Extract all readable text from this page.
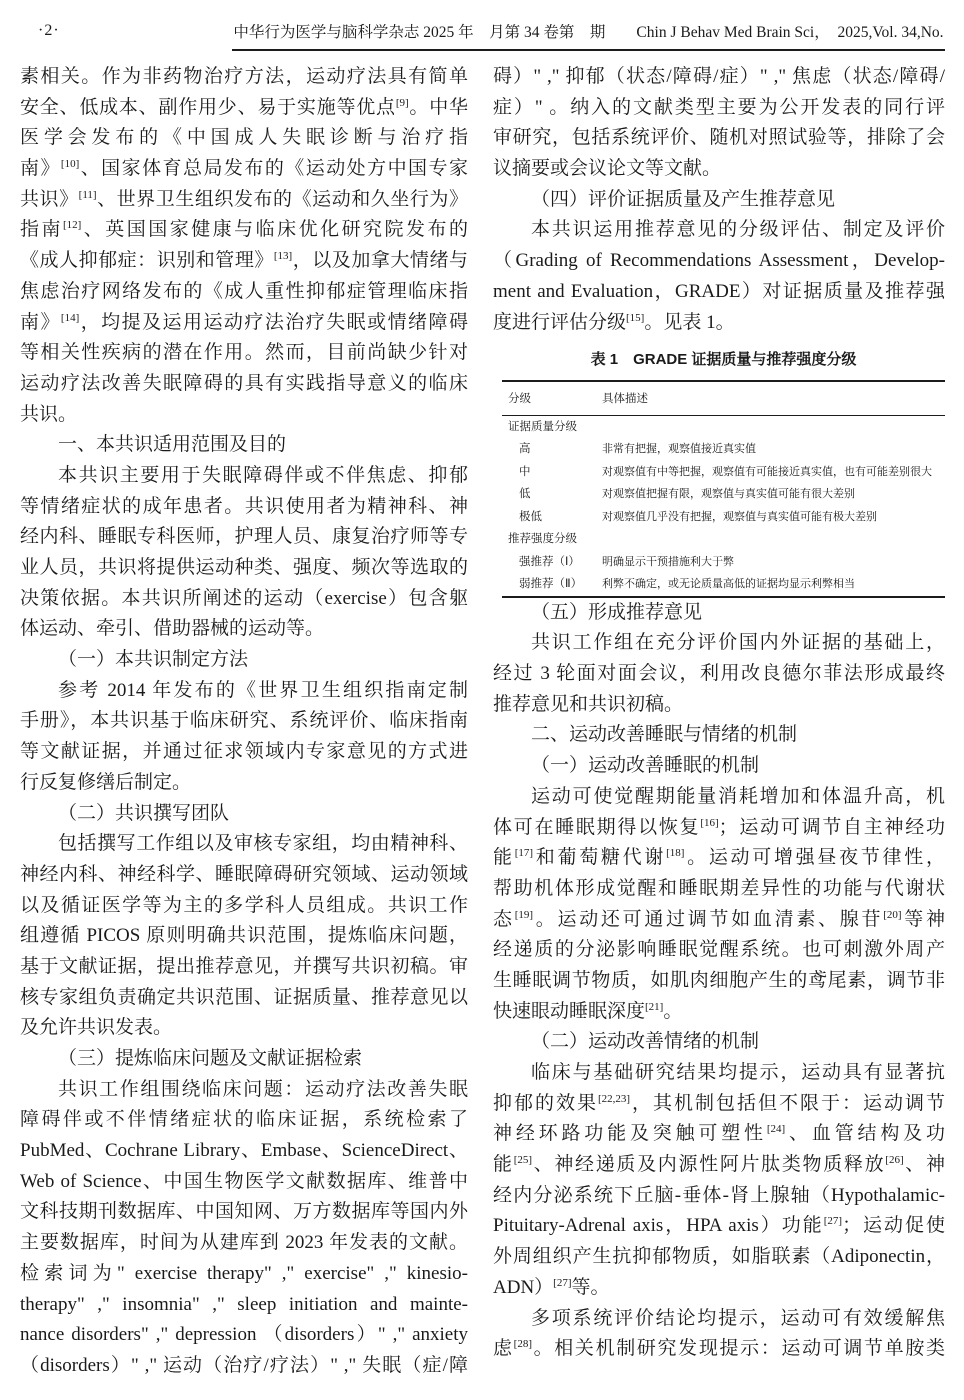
·2·	中华行为医学与脑科学杂志 2025 年　月第 34 卷第　期　　Chin J Behav Med Brain Sci，　2025,Vol. 34,No.
素相关。作为非药物治疗方法，运动疗法具有简单
安全、低成本、副作用少、易于实施等优点[9]。中华
医学会发布的《中国成人失眠诊断与治疗指
南》[10]、国家体育总局发布的《运动处方中国专家
共识》[11]、世界卫生组织发布的《运动和久坐行为》
指南[12]、英国国家健康与临床优化研究院发布的
《成人抑郁症：识别和管理》[13]，以及加拿大情绪与
焦虑治疗网络发布的《成人重性抑郁症管理临床指
南》[14]，均提及运用运动疗法治疗失眠或情绪障碍
等相关性疾病的潜在作用。然而，目前尚缺少针对
运动疗法改善失眠障碍的具有实践指导意义的临床
共识。
一、本共识适用范围及目的
本共识主要用于失眠障碍伴或不伴焦虑、抑郁
等情绪症状的成年患者。共识使用者为精神科、神
经内科、睡眠专科医师，护理人员、康复治疗师等专
业人员，共识将提供运动种类、强度、频次等选取的
决策依据。本共识所阐述的运动（exercise）包含躯
体运动、牵引、借助器械的运动等。
（一）本共识制定方法
参考 2014 年发布的《世界卫生组织指南定制
手册》，本共识基于临床研究、系统评价、临床指南
等文献证据，并通过征求领域内专家意见的方式进
行反复修缮后制定。
（二）共识撰写团队
包括撰写工作组以及审核专家组，均由精神科、
神经内科、神经科学、睡眠障碍研究领域、运动领域
以及循证医学等为主的多学科人员组成。共识工作
组遵循 PICOS 原则明确共识范围，提炼临床问题，
基于文献证据，提出推荐意见，并撰写共识初稿。审
核专家组负责确定共识范围、证据质量、推荐意见以
及允许共识发表。
（三）提炼临床问题及文献证据检索
共识工作组围绕临床问题：运动疗法改善失眠
障碍伴或不伴情绪症状的临床证据，系统检索了
PubMed、Cochrane Library、Embase、ScienceDirect、
Web of Science、中国生物医学文献数据库、维普中
文科技期刊数据库、中国知网、万方数据库等国内外
主要数据库，时间为从建库到 2023 年发表的文献。
检索词为" exercise therapy" ," exercise" ," kinesio-
therapy" ," insomnia" ," sleep initiation and mainte-
nance disorders" ," depression （disorders）" ," anxiety
（disorders）" ," 运动（治疗/疗法）" ," 失眠（症/障
碍）" ," 抑郁（状态/障碍/症）" ," 焦虑（状态/障碍/
症）" 。纳入的文献类型主要为公开发表的同行评
审研究，包括系统评价、随机对照试验等，排除了会
议摘要或会议论文等文献。
（四）评价证据质量及产生推荐意见
本共识运用推荐意见的分级评估、制定及评价
（Grading of Recommendations Assessment，Develop-
ment and Evaluation，GRADE）对证据质量及推荐强
度进行评估分级[15]。见表 1。
表 1　GRADE 证据质量与推荐强度分级
分级	具体描述
证据质量分级	
高	非常有把握，观察值接近真实值
中	对观察值有中等把握，观察值有可能接近真实值，也有可能差别很大
低	对观察值把握有限，观察值与真实值可能有很大差别
极低	对观察值几乎没有把握，观察值与真实值可能有极大差别
推荐强度分级	
强推荐（Ⅰ）	明确显示干预措施利大于弊
弱推荐（Ⅱ）	利弊不确定，或无论质量高低的证据均显示利弊相当
（五）形成推荐意见
共识工作组在充分评价国内外证据的基础上，
经过 3 轮面对面会议，利用改良德尔菲法形成最终
推荐意见和共识初稿。
二、运动改善睡眠与情绪的机制
（一）运动改善睡眠的机制
运动可使觉醒期能量消耗增加和体温升高，机
体可在睡眠期得以恢复[16]；运动可调节自主神经功
能[17]和葡萄糖代谢[18]。运动可增强昼夜节律性，
帮助机体形成觉醒和睡眠期差异性的功能与代谢状
态[19]。运动还可通过调节如血清素、腺苷[20]等神
经递质的分泌影响睡眠觉醒系统。也可刺激外周产
生睡眠调节物质，如肌肉细胞产生的鸢尾素，调节非
快速眼动睡眠深度[21]。
（二）运动改善情绪的机制
临床与基础研究结果均提示，运动具有显著抗
抑郁的效果[22,23]，其机制包括但不限于：运动调节
神经环路功能及突触可塑性[24]、血管结构及功
能[25]、神经递质及内源性阿片肽类物质释放[26]、神
经内分泌系统下丘脑-垂体-肾上腺轴（Hypothalamic-
Pituitary-Adrenal axis，HPA axis）功能[27]；运动促使
外周组织产生抗抑郁物质，如脂联素（Adiponectin，
ADN）[27]等。
多项系统评价结论均提示，运动可有效缓解焦
虑[28]。相关机制研究发现提示：运动可调节单胺类
